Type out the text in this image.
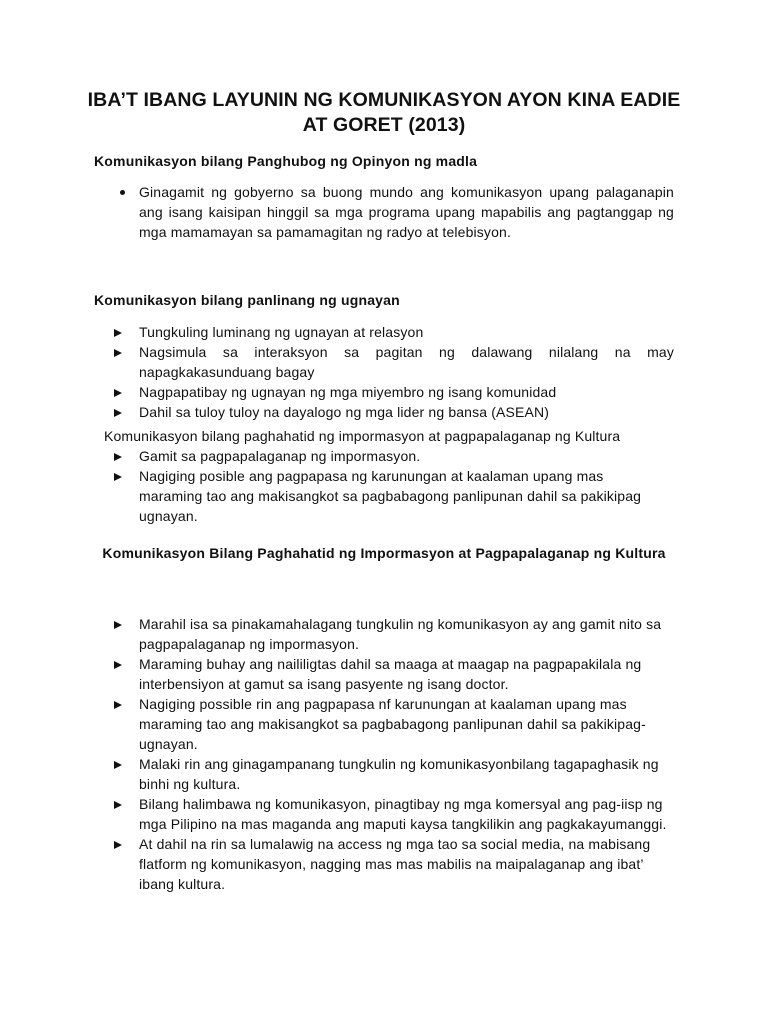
IBA’T IBANG LAYUNIN NG KOMUNIKASYON AYON KINA EADIE AT GORET (2013)
Komunikasyon bilang Panghubog ng Opinyon ng madla
Ginagamit ng gobyerno sa buong mundo ang komunikasyon upang palaganapin ang isang kaisipan hinggil sa mga programa upang mapabilis ang pagtanggap ng mga mamamayan sa pamamagitan ng radyo at telebisyon.
Komunikasyon bilang panlinang ng ugnayan
Tungkuling luminang ng ugnayan at relasyon
Nagsimula sa interaksyon sa pagitan ng dalawang nilalang na may napagkakasunduang bagay
Nagpapatibay ng ugnayan ng mga miyembro ng isang komunidad
Dahil sa tuloy tuloy na dayalogo ng mga lider ng bansa (ASEAN)
Komunikasyon bilang paghahatid ng impormasyon at pagpapalaganap ng Kultura
Gamit sa pagpapalaganap ng impormasyon.
Nagiging posible ang pagpapasa ng karunungan at kaalaman upang mas maraming tao ang makisangkot sa pagbabagong panlipunan dahil sa pakikipag ugnayan.
Komunikasyon Bilang Paghahatid ng Impormasyon at Pagpapalaganap ng Kultura
Marahil isa sa pinakamahalagang tungkulin ng komunikasyon ay ang gamit nito sa pagpapalaganap ng impormasyon.
Maraming buhay ang naililigtas dahil sa maaga at maagap na pagpapakilala ng interbensiyon at gamut sa isang pasyente ng isang doctor.
Nagiging possible rin ang pagpapasa nf karunungan at kaalaman upang mas maraming tao ang makisangkot sa pagbabagong panlipunan dahil sa pakikipag-ugnayan.
Malaki rin ang ginagampanang tungkulin ng komunikasyonbilang tagapaghasik ng binhi ng kultura.
Bilang halimbawa ng komunikasyon, pinagtibay ng mga komersyal ang pag-iisp ng mga Pilipino na mas maganda ang maputi kaysa tangkilikin ang pagkakayumanggi.
At dahil na rin sa lumalawig na access ng mga tao sa social media, na mabisang flatform ng komunikasyon, nagging mas mas mabilis na maipalaganap ang ibat’ ibang kultura.
